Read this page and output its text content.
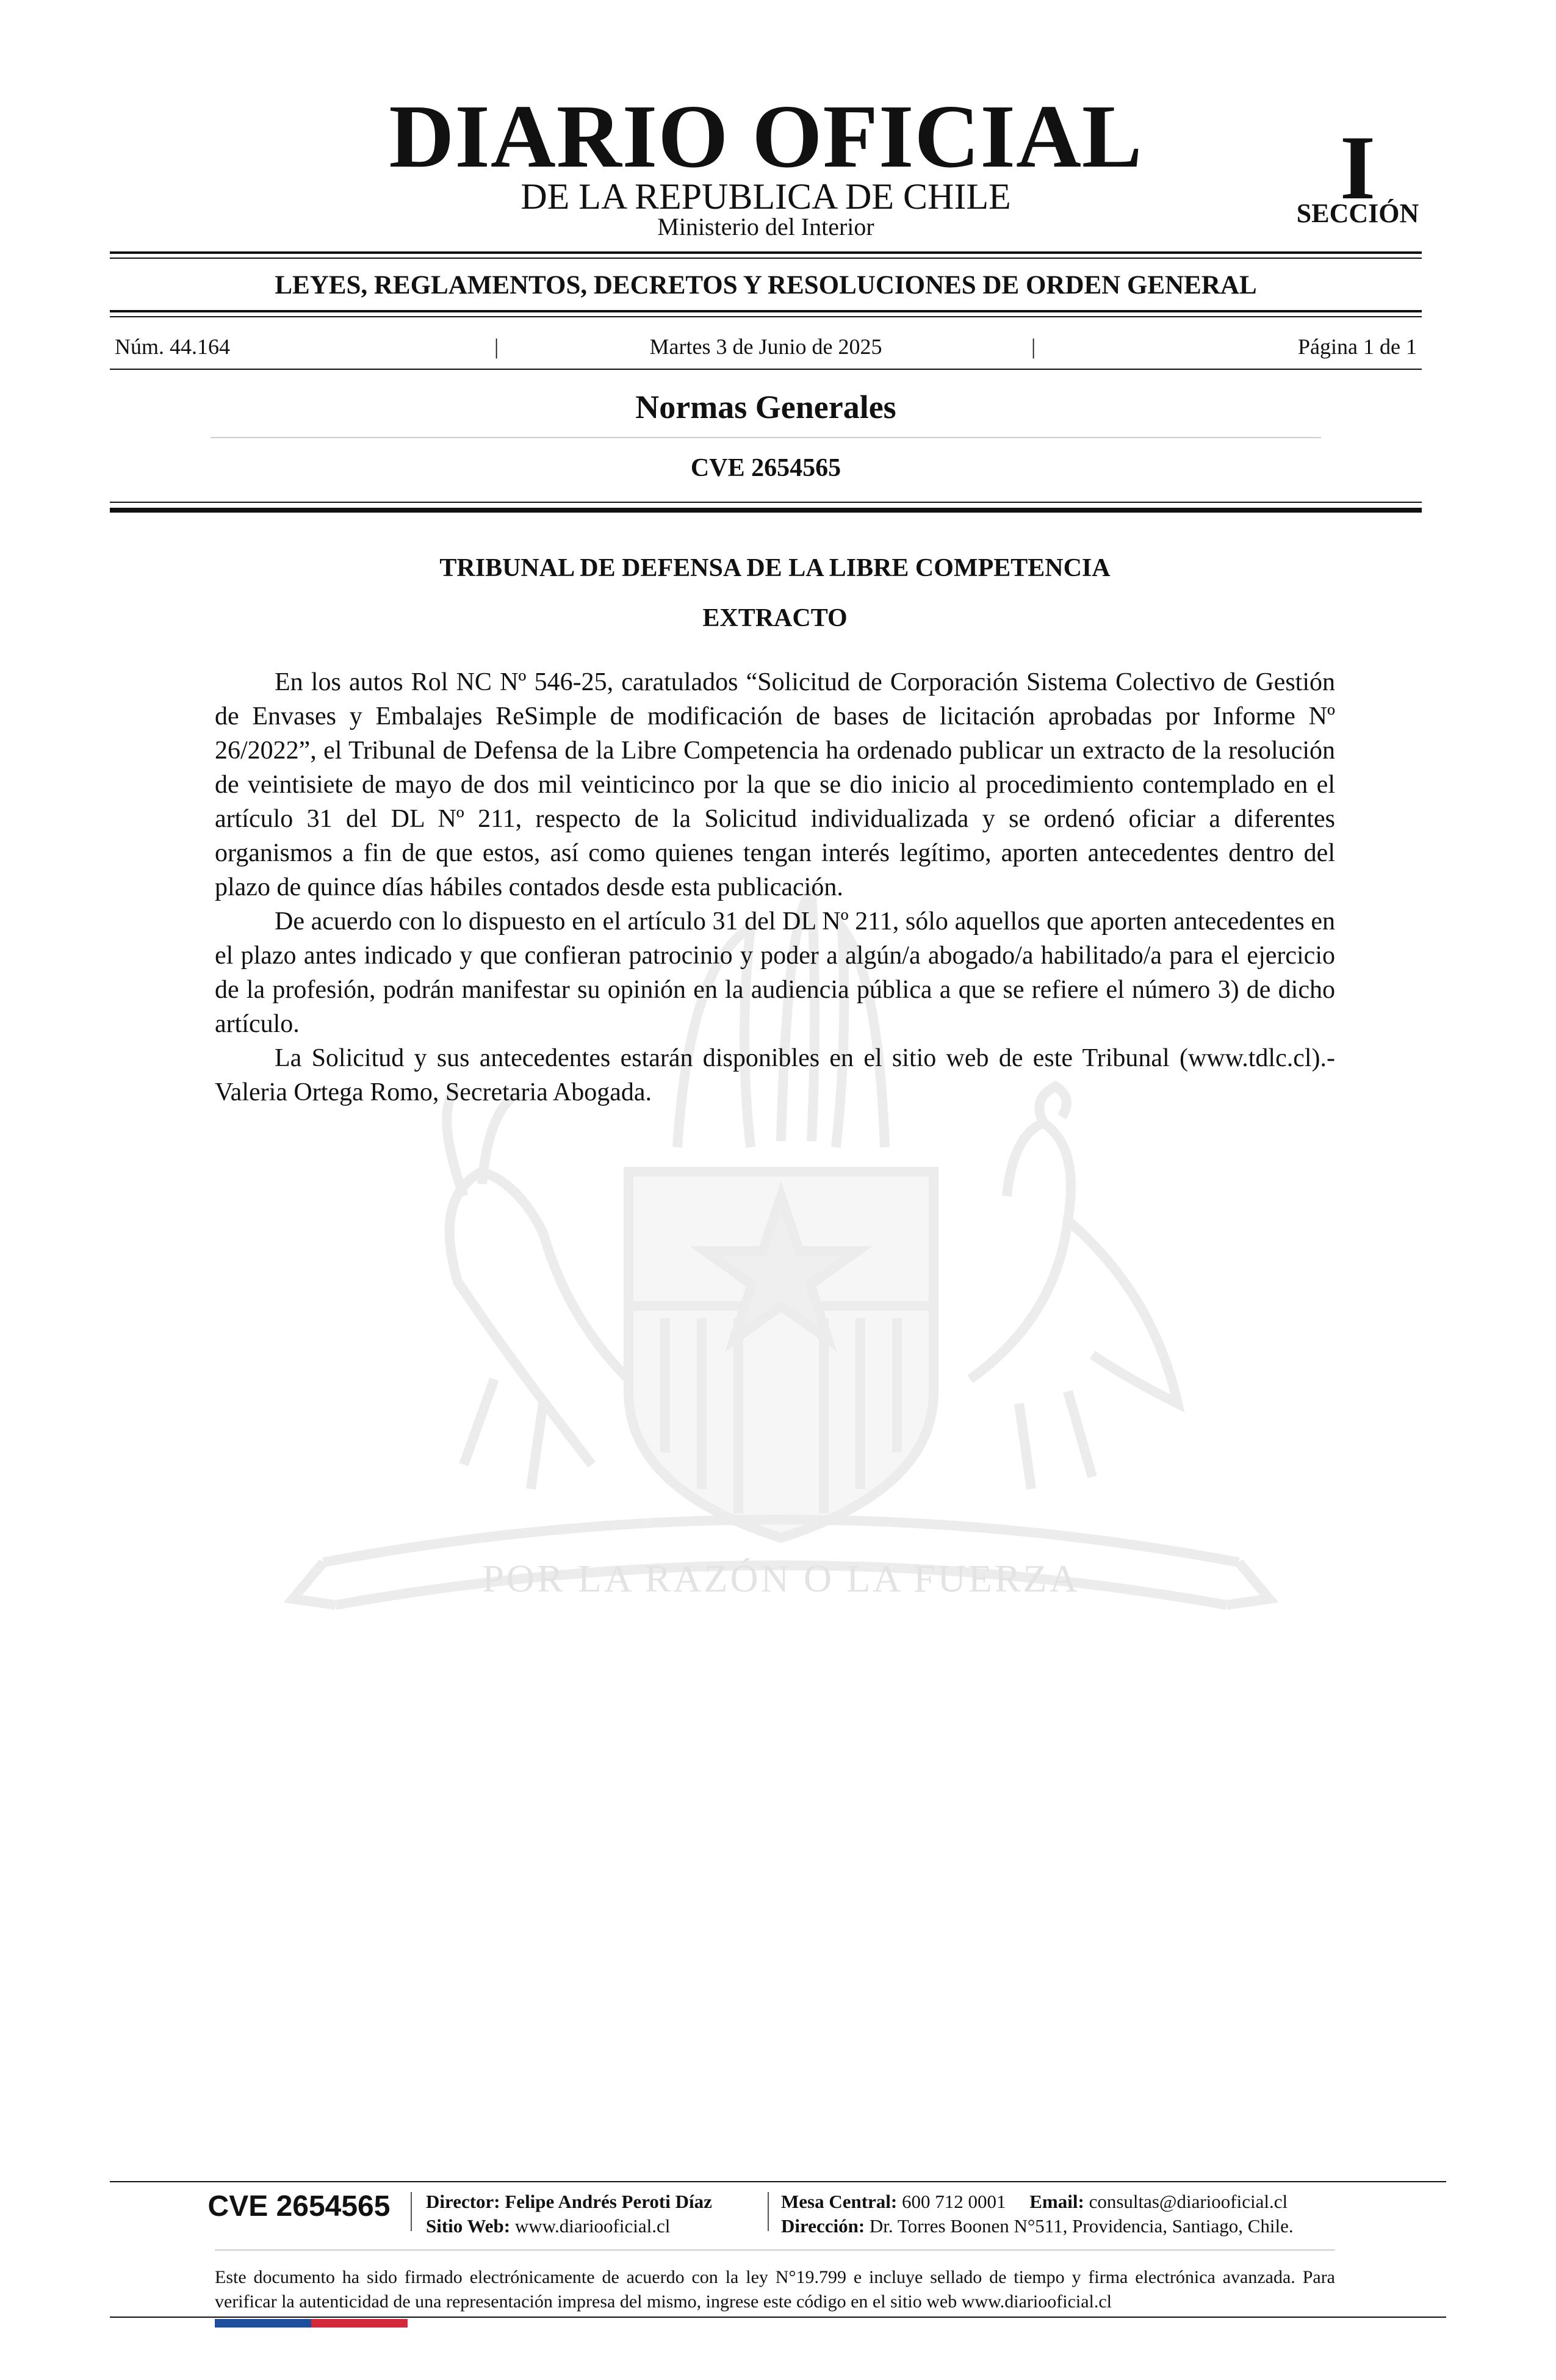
POR LA RAZÓN O LA FUERZA
DIARIO OFICIAL
DE LA REPUBLICA DE CHILE
Ministerio del Interior
I
SECCIÓN
LEYES, REGLAMENTOS, DECRETOS Y RESOLUCIONES DE ORDEN GENERAL
Núm. 44.164	|	Martes 3 de Junio de 2025	|	Página 1 de 1
Normas Generales
CVE 2654565
TRIBUNAL DE DEFENSA DE LA LIBRE COMPETENCIA
EXTRACTO

En los autos Rol NC Nº 546-25, caratulados “Solicitud de Corporación Sistema Colectivo de Gestión de Envases y Embalajes ReSimple de modificación de bases de licitación aprobadas por Informe Nº 26/2022”, el Tribunal de Defensa de la Libre Competencia ha ordenado publicar un extracto de la resolución de veintisiete de mayo de dos mil veinticinco por la que se dio inicio al procedimiento contemplado en el artículo 31 del DL Nº 211, respecto de la Solicitud individualizada y se ordenó oficiar a diferentes organismos a fin de que estos, así como quienes tengan interés legítimo, aporten antecedentes dentro del plazo de quince días hábiles contados desde esta publicación.

De acuerdo con lo dispuesto en el artículo 31 del DL Nº 211, sólo aquellos que aporten antecedentes en el plazo antes indicado y que confieran patrocinio y poder a algún/a abogado/a habilitado/a para el ejercicio de la profesión, podrán manifestar su opinión en la audiencia pública a que se refiere el número 3) de dicho artículo.

La Solicitud y sus antecedentes estarán disponibles en el sitio web de este Tribunal (www.tdlc.cl).- Valeria Ortega Romo, Secretaria Abogada.

CVE 2654565	Director: Felipe Andrés Peroti Díaz
Sitio Web: www.diariooficial.cl
Mesa Central: 600 712 0001 Email: consultas@diariooficial.cl
Dirección: Dr. Torres Boonen N°511, Providencia, Santiago, Chile.
Este documento ha sido firmado electrónicamente de acuerdo con la ley N°19.799 e incluye sellado de tiempo y firma electrónica avanzada. Para verificar la autenticidad de una representación impresa del mismo, ingrese este código en el sitio web www.diariooficial.cl
